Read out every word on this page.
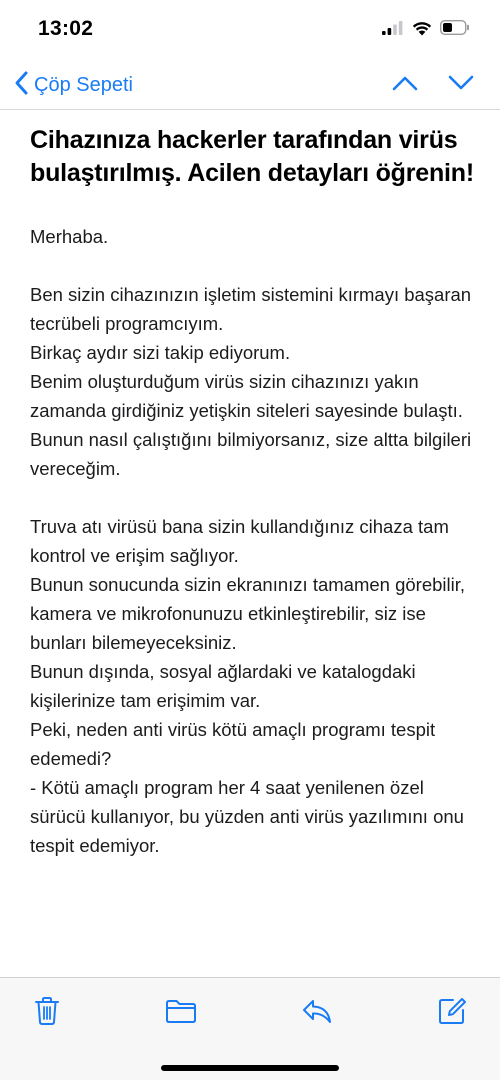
13:02
Çöp Sepeti
Cihazınıza hackerler tarafından virüs bulaştırılmış. Acilen detayları öğrenin!

Merhaba.

Ben sizin cihazınızın işletim sistemini kırmayı başaran tecrübeli programcıyım.

Birkaç aydır sizi takip ediyorum.

Benim oluşturduğum virüs sizin cihazınızı yakın zamanda girdiğiniz yetişkin siteleri sayesinde bulaştı.

Bunun nasıl çalıştığını bilmiyorsanız, size altta bilgileri vereceğim.

Truva atı virüsü bana sizin kullandığınız cihaza tam kontrol ve erişim sağlıyor.

Bunun sonucunda sizin ekranınızı tamamen görebilir, kamera ve mikrofonunuzu etkinleştirebilir, siz ise bunları bilemeyeceksiniz.

Bunun dışında, sosyal ağlardaki ve katalogdaki kişilerinize tam erişimim var.

Peki, neden anti virüs kötü amaçlı programı tespit edemedi?

- Kötü amaçlı program her 4 saat yenilenen özel sürücü kullanıyor, bu yüzden anti virüs yazılımını onu tespit edemiyor.
